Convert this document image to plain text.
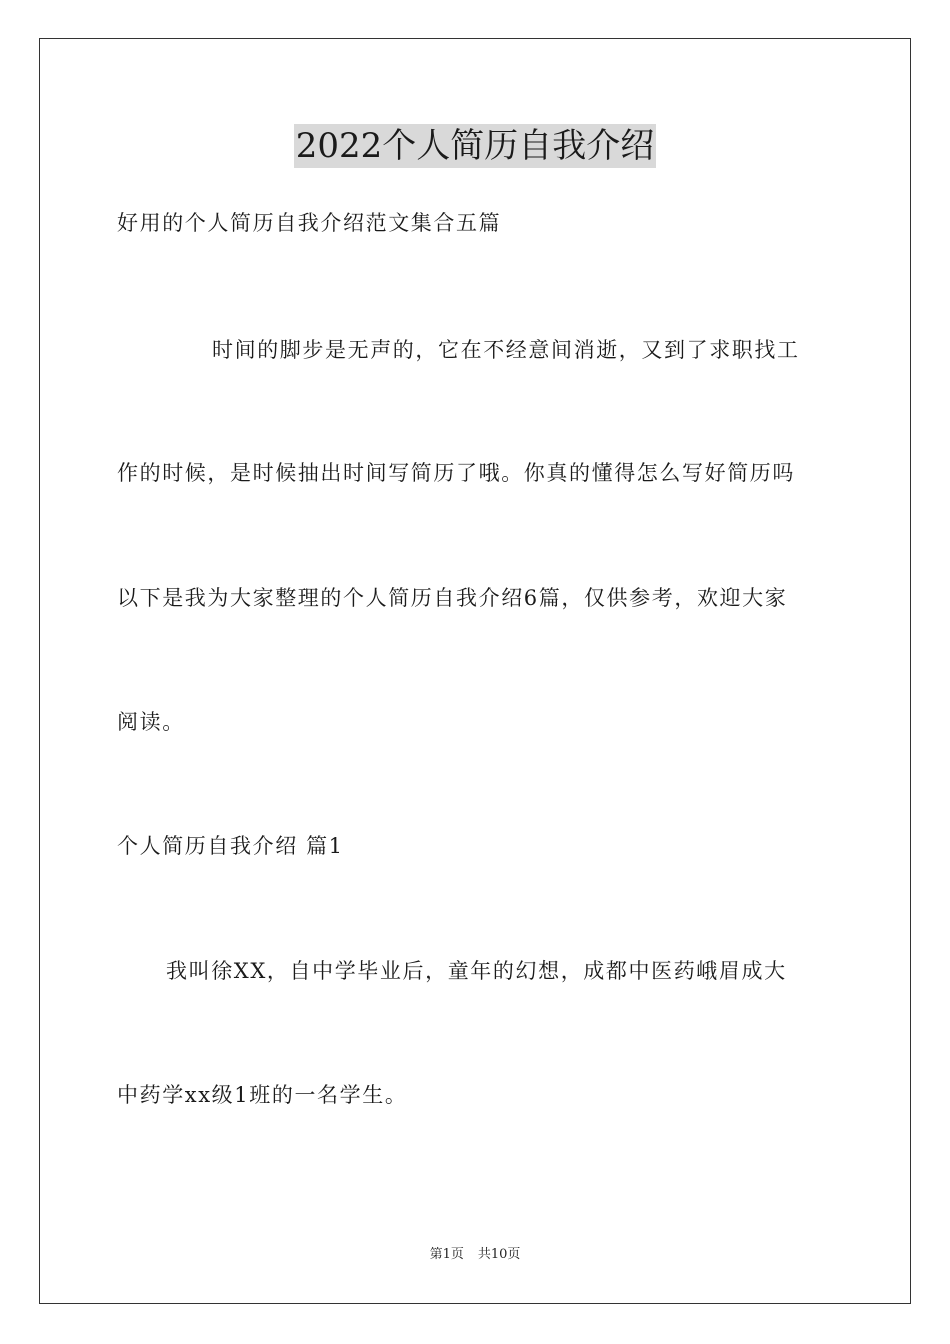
2022个人简历自我介绍
好用的个人简历自我介绍范文集合五篇
时间的脚步是无声的，它在不经意间消逝，又到了求职找工
作的时候，是时候抽出时间写简历了哦。你真的懂得怎么写好简历吗
以下是我为大家整理的个人简历自我介绍6篇，仅供参考，欢迎大家
阅读。
个人简历自我介绍 篇1
我叫徐XX，自中学毕业后，童年的幻想，成都中医药峨眉成大
中药学xx级1班的一名学生。
第1页 共10页
